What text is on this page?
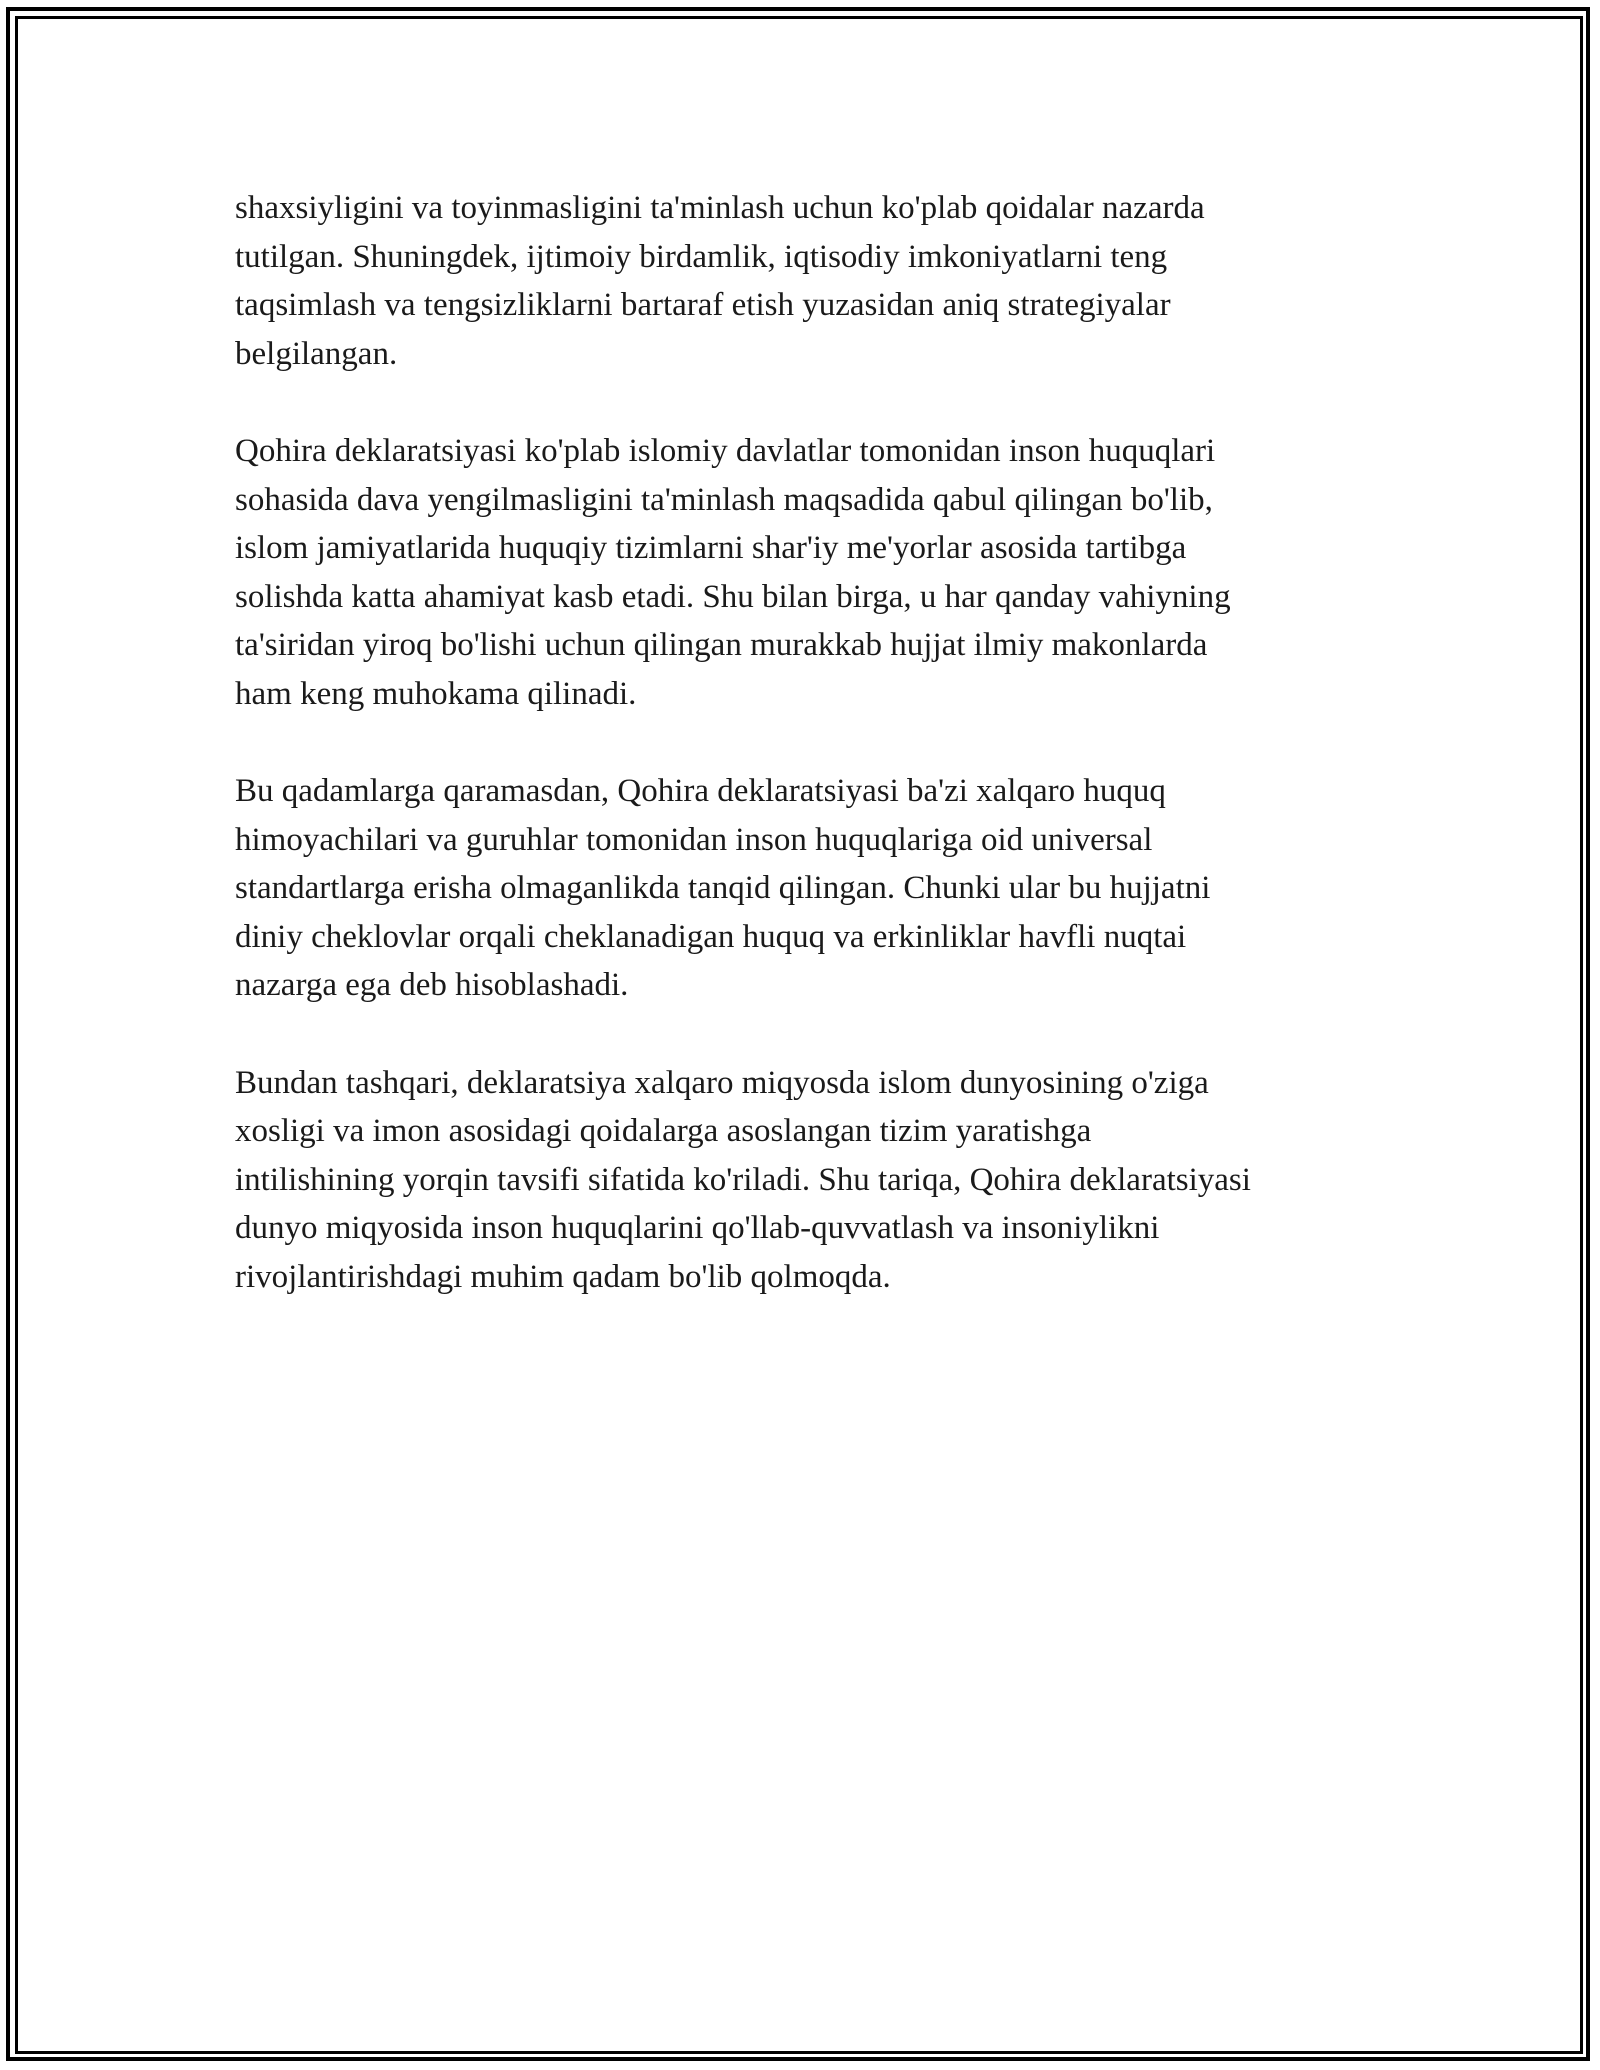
shaxsiyligini va toyinmasligini ta'minlash uchun ko'plab qoidalar nazarda
tutilgan. Shuningdek, ijtimoiy birdamlik, iqtisodiy imkoniyatlarni teng
taqsimlash va tengsizliklarni bartaraf etish yuzasidan aniq strategiyalar
belgilangan.

Qohira deklaratsiyasi ko'plab islomiy davlatlar tomonidan inson huquqlari
sohasida dava yengilmasligini ta'minlash maqsadida qabul qilingan bo'lib,
islom jamiyatlarida huquqiy tizimlarni shar'iy me'yorlar asosida tartibga
solishda katta ahamiyat kasb etadi. Shu bilan birga, u har qanday vahiyning
ta'siridan yiroq bo'lishi uchun qilingan murakkab hujjat ilmiy makonlarda
ham keng muhokama qilinadi.

Bu qadamlarga qaramasdan, Qohira deklaratsiyasi ba'zi xalqaro huquq
himoyachilari va guruhlar tomonidan inson huquqlariga oid universal
standartlarga erisha olmaganlikda tanqid qilingan. Chunki ular bu hujjatni
diniy cheklovlar orqali cheklanadigan huquq va erkinliklar havfli nuqtai
nazarga ega deb hisoblashadi.

Bundan tashqari, deklaratsiya xalqaro miqyosda islom dunyosining o'ziga
xosligi va imon asosidagi qoidalarga asoslangan tizim yaratishga
intilishining yorqin tavsifi sifatida ko'riladi. Shu tariqa, Qohira deklaratsiyasi
dunyo miqyosida inson huquqlarini qo'llab-quvvatlash va insoniylikni
rivojlantirishdagi muhim qadam bo'lib qolmoqda.
